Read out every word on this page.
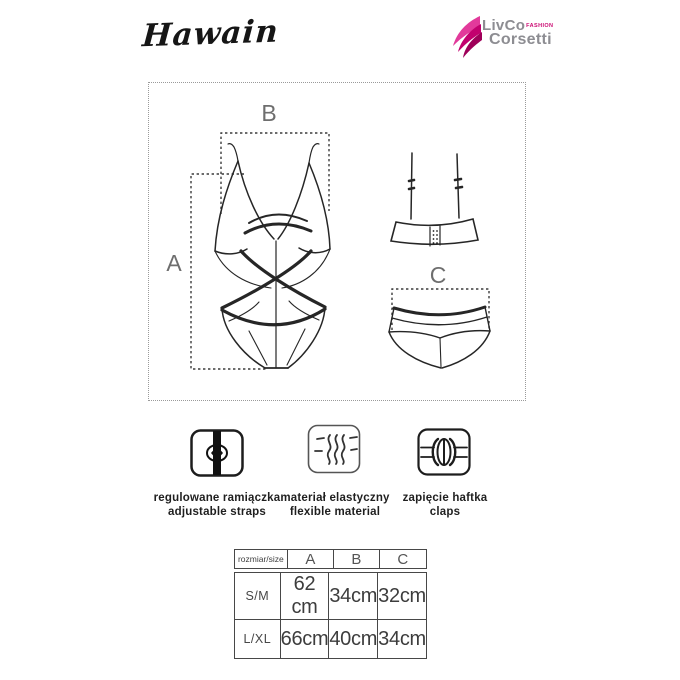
Hawain	LivCoFASHION
Corsetti
A
B
C
regulowane ramiączka
adjustable straps
materiał elastyczny
flexible material
zapięcie haftka
claps
rozmiar/size	A	B	C
S/M	62 cm	34cm	32cm
L/XL	66cm	40cm	34cm
